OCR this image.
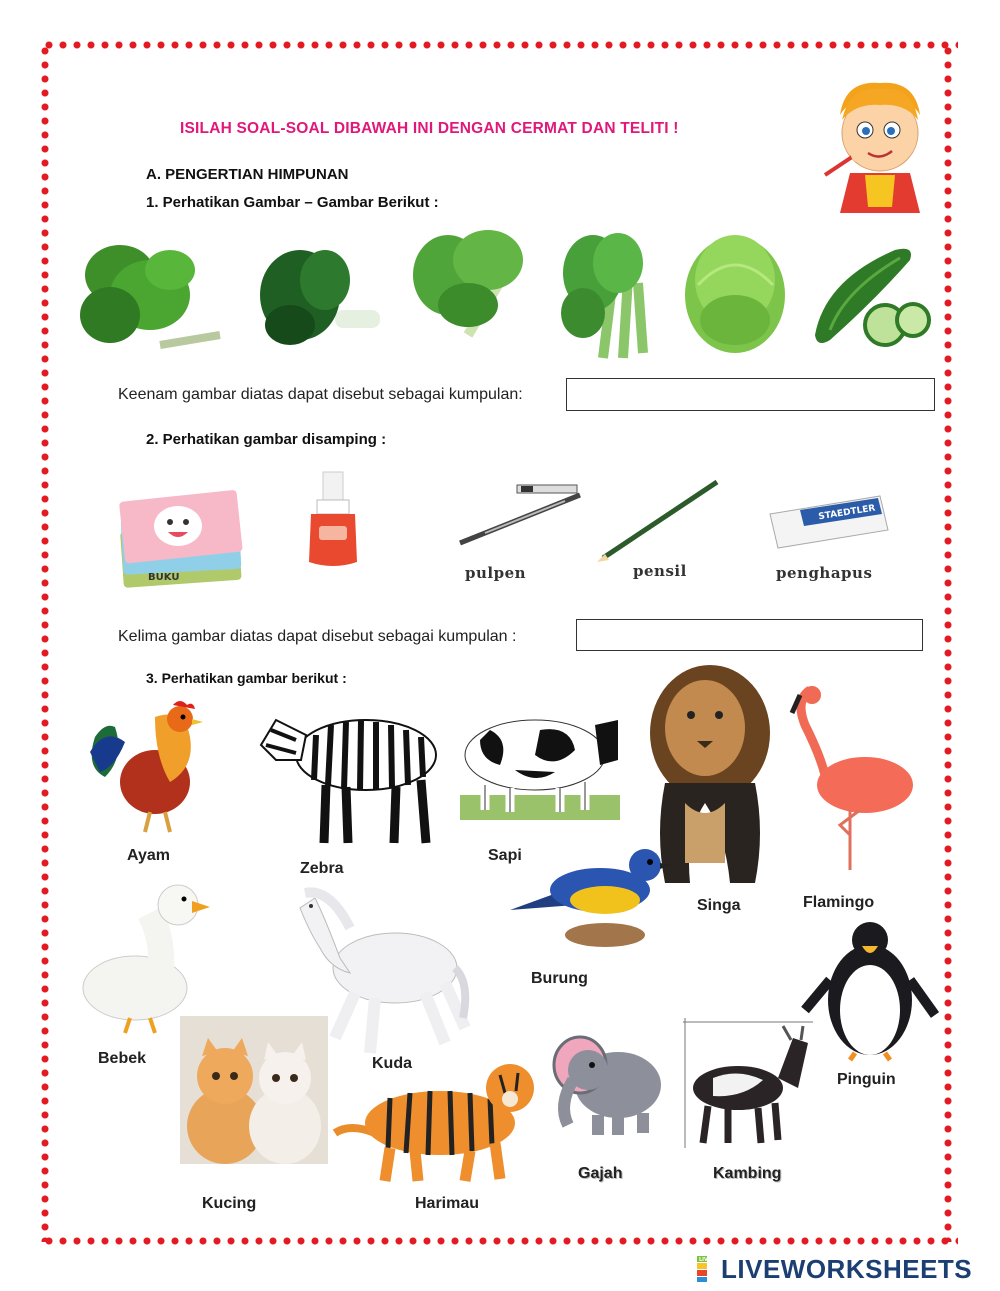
ISILAH SOAL-SOAL DIBAWAH INI DENGAN CERMAT DAN TELITI !
A. PENGERTIAN HIMPUNAN
1. Perhatikan Gambar – Gambar Berikut :
Keenam gambar diatas dapat disebut sebagai kumpulan:
2. Perhatikan gambar disamping :
BUKU	pulpen	pensil
STAEDTLER
penghapus
Kelima gambar diatas dapat disebut sebagai kumpulan :
3. Perhatikan gambar berikut :
Ayam
Zebra
Sapi
Singa	Flamingo
Burung
Bebek	Kuda
Pinguin
Kucing	Harimau
Gajah	Kambing
LIVE LIVEWORKSHEETS
